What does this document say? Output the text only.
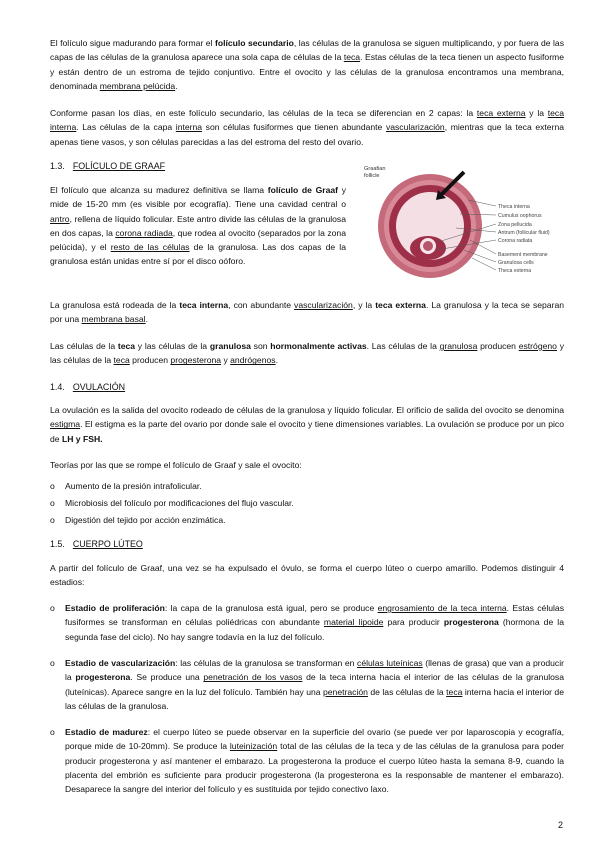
El folículo sigue madurando para formar el folículo secundario, las células de la granulosa se siguen multiplicando, y por fuera de las capas de las células de la granulosa aparece una sola capa de células de la teca. Estas células de la teca tienen un aspecto fusiforme y están dentro de un estroma de tejido conjuntivo. Entre el ovocito y las células de la granulosa encontramos una membrana, denominada membrana pelúcida.

Conforme pasan los días, en este folículo secundario, las células de la teca se diferencian en 2 capas: la teca externa y la teca interna. Las células de la capa interna son células fusiformes que tienen abundante vascularización, mientras que la teca externa apenas tiene vasos, y son células parecidas a las del estroma del resto del ovario.

1.3. FOLÍCULO DE GRAAF

El folículo que alcanza su madurez definitiva se llama folículo de Graaf y mide de 15-20 mm (es visible por ecografía). Tiene una cavidad central o antro, rellena de líquido folicular. Este antro divide las células de la granulosa en dos capas, la corona radiada, que rodea al ovocito (separados por la zona pelúcida), y el resto de las células de la granulosa. Las dos capas de la granulosa están unidas entre sí por el disco oóforo.

Graafian
follicle
Theca interna
Cumulus oophorus
Zona pellucida
Antrum (follicular fluid)
Corona radiata
Basement membrane
Granulosa cells
Theca externa

La granulosa está rodeada de la teca interna, con abundante vascularización, y la teca externa. La granulosa y la teca se separan por una membrana basal.

Las células de la teca y las células de la granulosa son hormonalmente activas. Las células de la granulosa producen estrógeno y las células de la teca producen progesterona y andrógenos.

1.4. OVULACIÓN

La ovulación es la salida del ovocito rodeado de células de la granulosa y líquido folicular. El orificio de salida del ovocito se denomina estigma. El estigma es la parte del ovario por donde sale el ovocito y tiene dimensiones variables. La ovulación se produce por un pico de LH y FSH.

Teorías por las que se rompe el folículo de Graaf y sale el ovocito:

o Aumento de la presión intrafolicular.
o Microbiosis del folículo por modificaciones del flujo vascular.
o Digestión del tejido por acción enzimática.
1.5. CUERPO LÚTEO

A partir del folículo de Graaf, una vez se ha expulsado el óvulo, se forma el cuerpo lúteo o cuerpo amarillo. Podemos distinguir 4 estadios:

o Estadio de proliferación: la capa de la granulosa está igual, pero se produce engrosamiento de la teca interna. Estas células fusiformes se transforman en células poliédricas con abundante material lipoide para producir progesterona (hormona de la segunda fase del ciclo). No hay sangre todavía en la luz del folículo.
o Estadio de vascularización: las células de la granulosa se transforman en células luteínicas (llenas de grasa) que van a producir la progesterona. Se produce una penetración de los vasos de la teca interna hacia el interior de las células de la granulosa (luteínicas). Aparece sangre en la luz del folículo. También hay una penetración de las células de la teca interna hacia el interior de las células de la granulosa.
o Estadio de madurez: el cuerpo lúteo se puede observar en la superficie del ovario (se puede ver por laparoscopia y ecografía, porque mide de 10-20mm). Se produce la luteinización total de las células de la teca y de las células de la granulosa para poder producir progesterona y así mantener el embarazo. La progesterona la produce el cuerpo lúteo hasta la semana 8-9, cuando la placenta del embrión es suficiente para producir progesterona (la progesterona es la responsable de mantener el embarazo). Desaparece la sangre del interior del folículo y es sustituida por tejido conectivo laxo.
2
